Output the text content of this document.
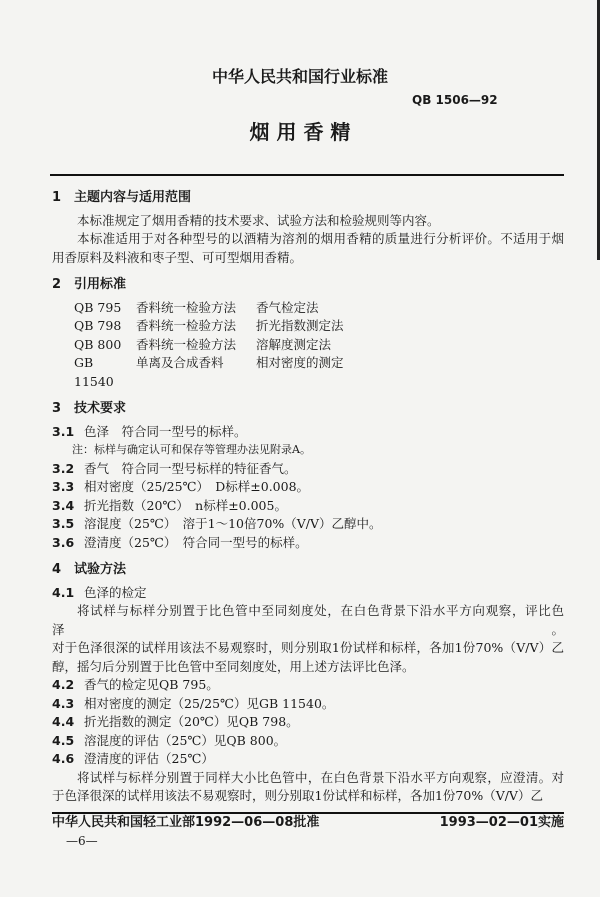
中华人民共和国行业标准
QB 1506—92
烟 用 香 精
1　主题内容与适用范围
本标准规定了烟用香精的技术要求、试验方法和检验规则等内容。
本标准适用于对各种型号的以酒精为溶剂的烟用香精的质量进行分析评价。不适用于烟用香原料及料液和枣子型、可可型烟用香精。
2　引用标准
QB 795 香料统一检验方法 香气检定法
QB 798 香料统一检验方法 折光指数测定法
QB 800 香料统一检验方法 溶解度测定法
GB 11540单离及合成香料	相对密度的测定
3　技术要求
3.1 色泽　符合同一型号的标样。
注：标样与确定认可和保存等管理办法见附录A。
3.2 香气　符合同一型号标样的特征香气。
3.3 相对密度（25/25℃）　D标样±0.008。
3.4 折光指数（20℃）　n标样±0.005。
3.5 溶混度（25℃）　溶于1～10倍70%（V/V）乙醇中。
3.6 澄清度（25℃）　符合同一型号的标样。
4　试验方法
4.1 色泽的检定
将试样与标样分别置于比色管中至同刻度处，在白色背景下沿水平方向观察，评比色泽。对于色泽很深的试样用该法不易观察时，则分别取1份试样和标样，各加1份70%（V/V）乙醇，摇匀后分别置于比色管中至同刻度处，用上述方法评比色泽。
4.2 香气的检定见QB 795。
4.3 相对密度的测定（25/25℃）见GB 11540。
4.4 折光指数的测定（20℃）见QB 798。
4.5 溶混度的评估（25℃）见QB 800。
4.6 澄清度的评估（25℃）
将试样与标样分别置于同样大小比色管中，在白色背景下沿水平方向观察，应澄清。对于色泽很深的试样用该法不易观察时，则分别取1份试样和标样，各加1份70%（V/V）乙
中华人民共和国轻工业部1992—06—08批准	1993—02—01实施
—6—
